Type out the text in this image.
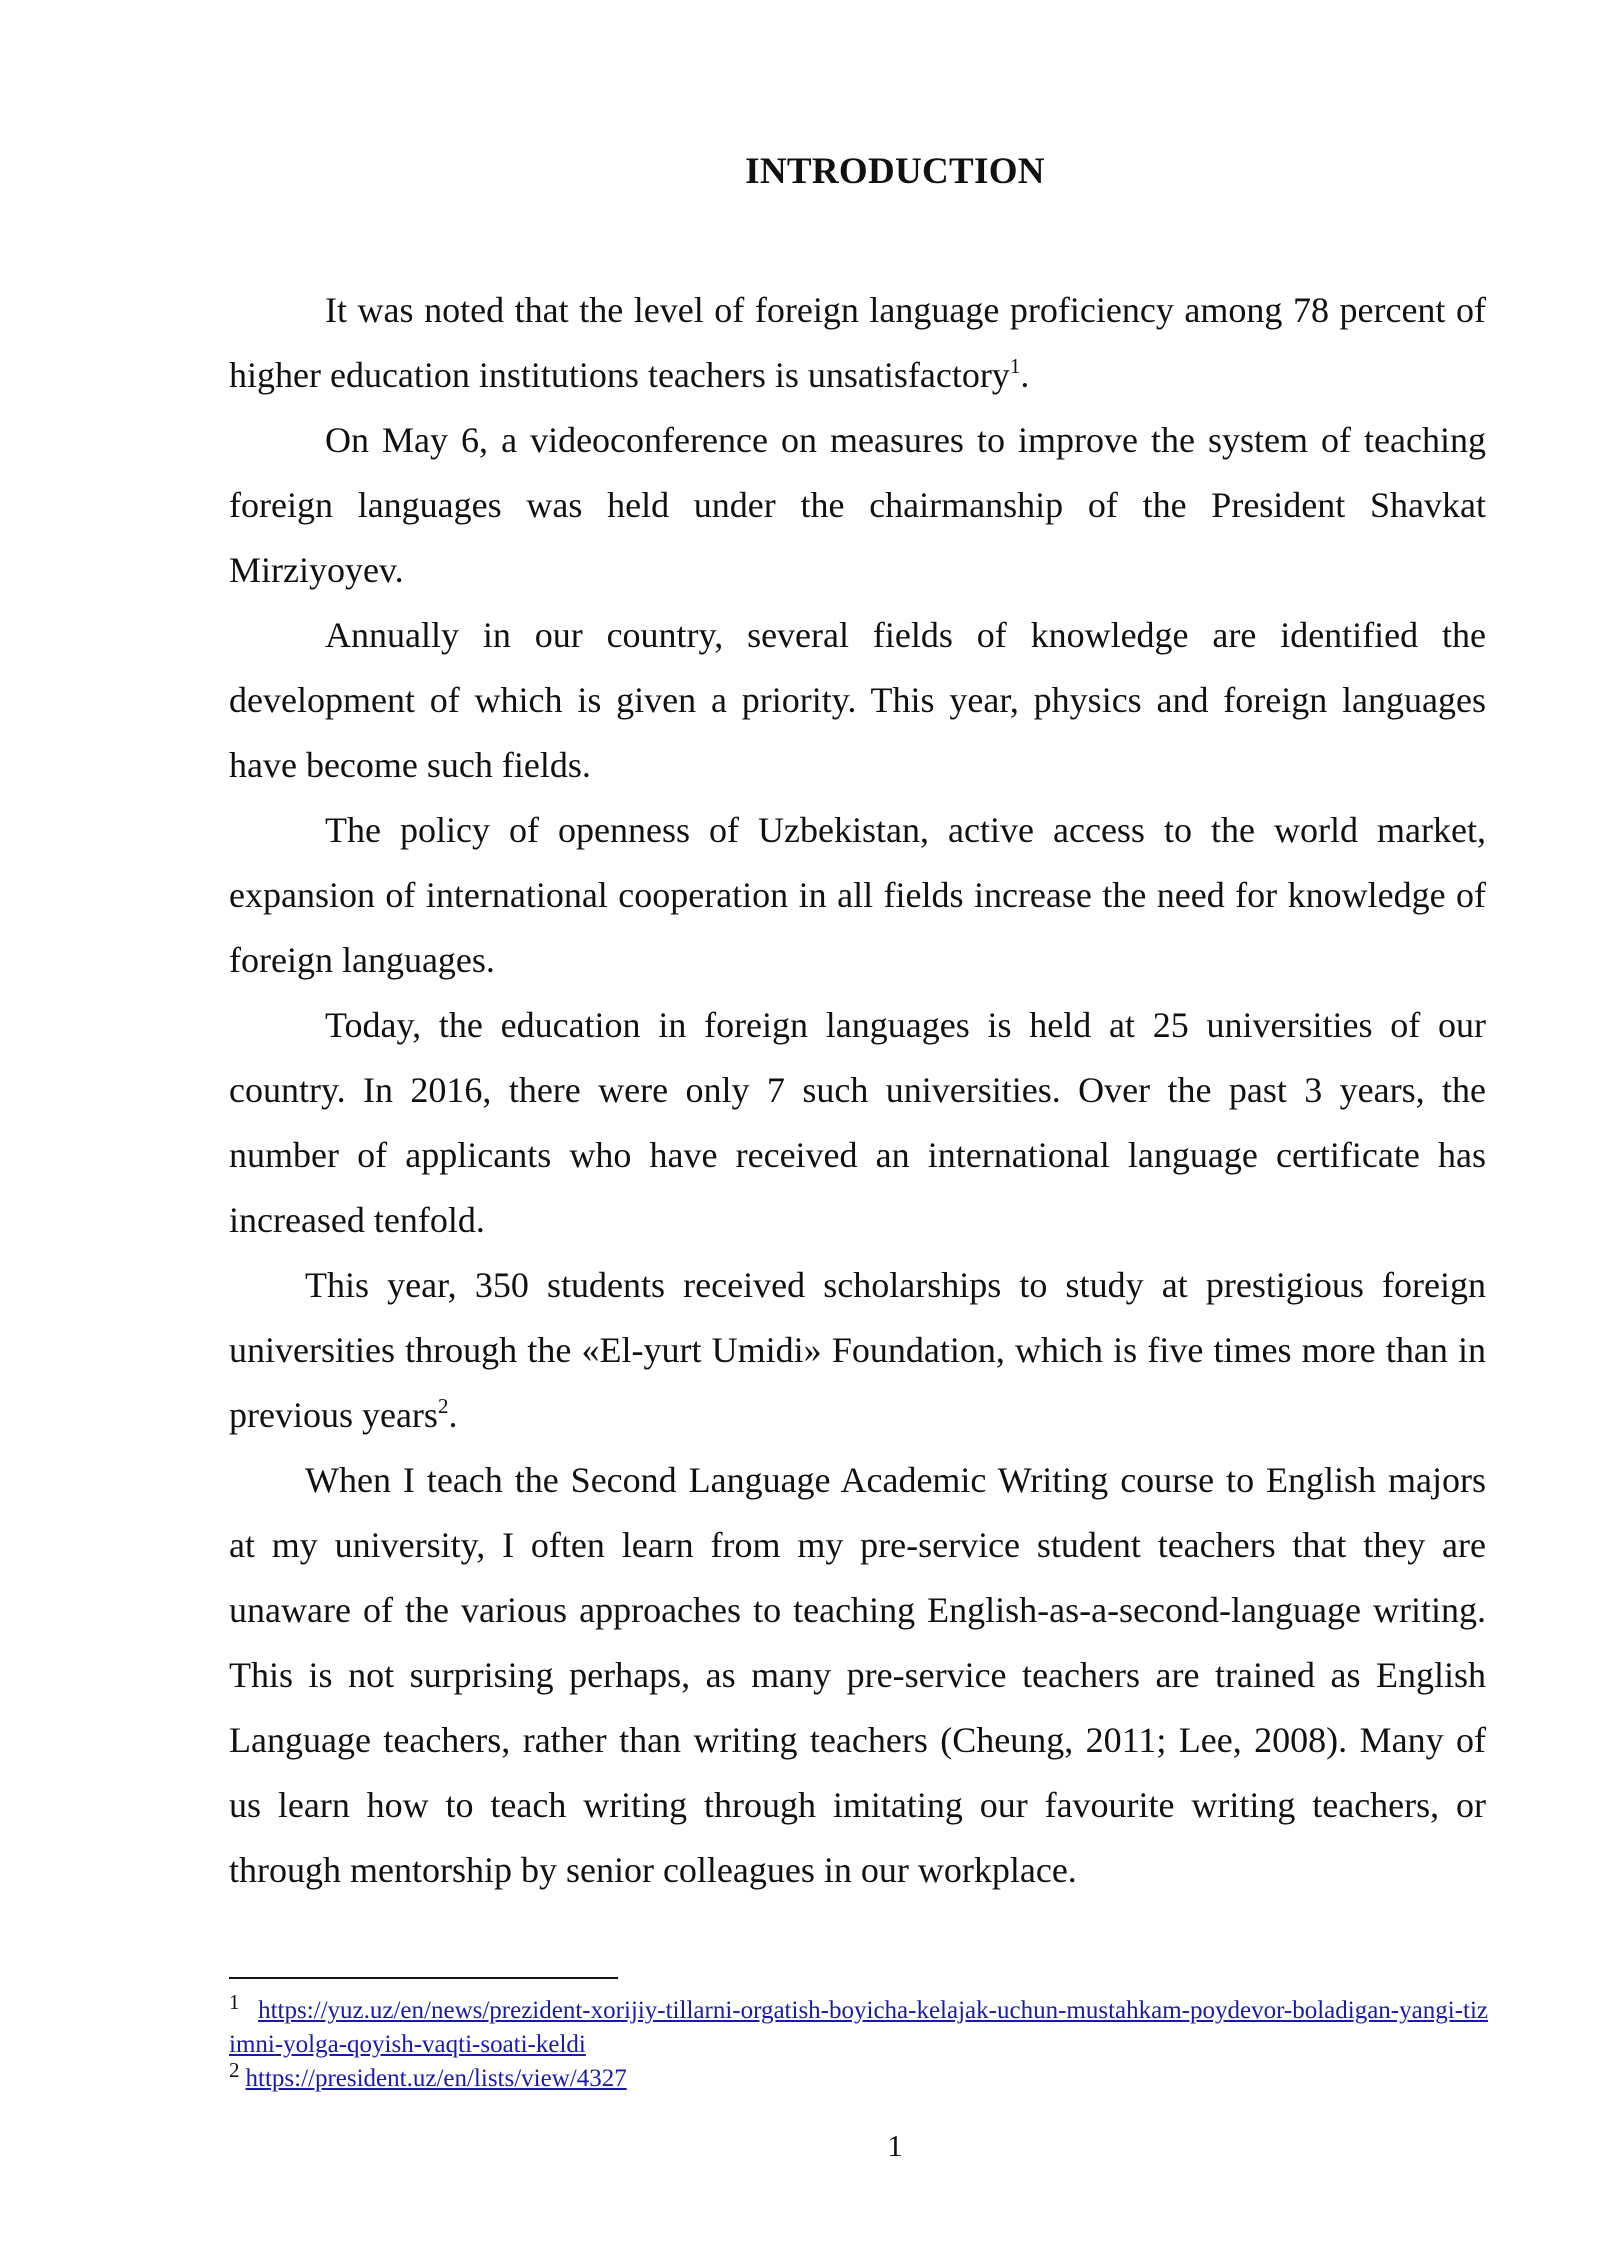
INTRODUCTION

It was noted that the level of foreign language proficiency among 78 percent of higher education institutions teachers is unsatisfactory$^1$.

On May 6, a videoconference on measures to improve the system of teaching foreign languages was held under the chairmanship of the President Shavkat Mirziyoyev.

Annually in our country, several fields of knowledge are identified the development of which is given a priority. This year, physics and foreign languages have become such fields.

The policy of openness of Uzbekistan, active access to the world market, expansion of international cooperation in all fields increase the need for knowledge of foreign languages.

Today, the education in foreign languages is held at 25 universities of our country. In 2016, there were only 7 such universities. Over the past 3 years, the number of applicants who have received an international language certificate has increased tenfold.

This year, 350 students received scholarships to study at prestigious foreign universities through the «El-yurt Umidi» Foundation, which is five times more than in previous years$^2$.

When I teach the Second Language Academic Writing course to English majors at my university, I often learn from my pre-service student teachers that they are unaware of the various approaches to teaching English-as-a-second-language writing. This is not surprising perhaps, as many pre-service teachers are trained as English Language teachers, rather than writing teachers (Cheung, 2011; Lee, 2008). Many of us learn how to teach writing through imitating our favourite writing teachers, or through mentorship by senior colleagues in our workplace.

$^1$ https://yuz.uz/en/news/prezident-xorijiy-tillarni-orgatish-boyicha-kelajak-uchun-mustahkam-poydevor-boladigan-yangi-tizimni-yolga-qoyish-vaqti-soati-keldi

$^2$ https://president.uz/en/lists/view/4327

1
